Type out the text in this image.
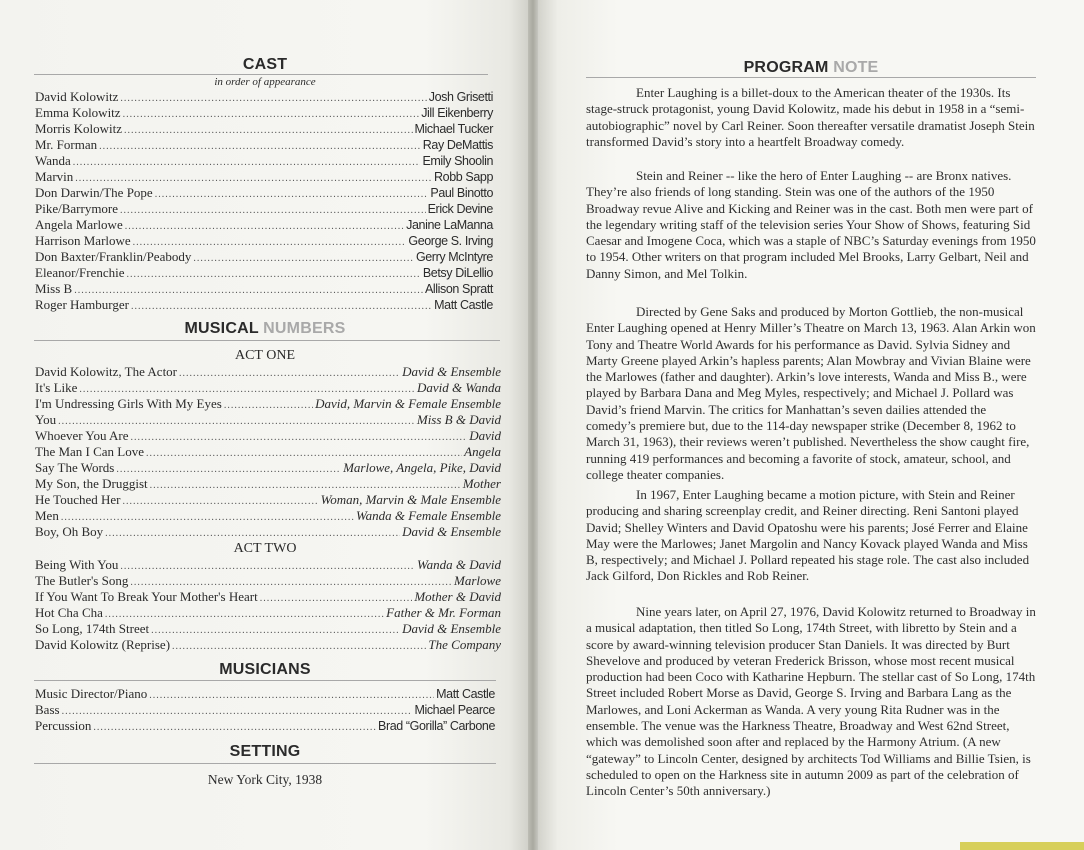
CAST
in order of appearance
David Kolowitz .....	Josh Grisetti
Emma Kolowitz .....	Jill Eikenberry
Morris Kolowitz .....	Michael Tucker
Mr. Forman .....	Ray DeMattis
Wanda .....	Emily Shoolin
Marvin .....	Robb Sapp
Don Darwin/The Pope .....	Paul Binotto
Pike/Barrymore .....	Erick Devine
Angela Marlowe .....	Janine LaManna
Harrison Marlowe .....	George S. Irving
Don Baxter/Franklin/Peabody .....	Gerry McIntyre
Eleanor/Frenchie .....	Betsy DiLellio
Miss B .....	Allison Spratt
Roger Hamburger .....	Matt Castle
MUSICAL NUMBERS
ACT ONE
David Kolowitz, The Actor .....	David & Ensemble
It's Like .....	David & Wanda
I'm Undressing Girls With My Eyes .....	David, Marvin & Female Ensemble
You .....	Miss B & David
Whoever You Are .....	David
The Man I Can Love .....	Angela
Say The Words .....	Marlowe, Angela, Pike, David
My Son, the Druggist .....	Mother
He Touched Her .....	Woman, Marvin & Male Ensemble
Men .....	Wanda & Female Ensemble
Boy, Oh Boy .....	David & Ensemble
ACT TWO
Being With You .....	Wanda & David
The Butler's Song .....	Marlowe
If You Want To Break Your Mother's Heart .....	Mother & David
Hot Cha Cha .....	Father & Mr. Forman
So Long, 174th Street .....	David & Ensemble
David Kolowitz (Reprise) .....	The Company
MUSICIANS
Music Director/Piano .....	Matt Castle
Bass .....	Michael Pearce
Percussion .....	Brad “Gorilla” Carbone
SETTING
New York City, 1938
PROGRAM NOTE

Enter Laughing is a billet-doux to the American theater of the 1930s. Its stage-struck protagonist, young David Kolowitz, made his debut in 1958 in a “semi-autobiographic” novel by Carl Reiner. Soon thereafter versatile dramatist Joseph Stein transformed David’s story into a heartfelt Broadway comedy.

Stein and Reiner -- like the hero of Enter Laughing -- are Bronx natives. They’re also friends of long standing. Stein was one of the authors of the 1950 Broadway revue Alive and Kicking and Reiner was in the cast. Both men were part of the legendary writing staff of the television series Your Show of Shows, featuring Sid Caesar and Imogene Coca, which was a staple of NBC’s Saturday evenings from 1950 to 1954. Other writers on that program included Mel Brooks, Larry Gelbart, Neil and Danny Simon, and Mel Tolkin.

Directed by Gene Saks and produced by Morton Gottlieb, the non-musical Enter Laughing opened at Henry Miller’s Theatre on March 13, 1963. Alan Arkin won Tony and Theatre World Awards for his performance as David. Sylvia Sidney and Marty Greene played Arkin’s hapless parents; Alan Mowbray and Vivian Blaine were the Marlowes (father and daughter). Arkin’s love interests, Wanda and Miss B., were played by Barbara Dana and Meg Myles, respectively; and Michael J. Pollard was David’s friend Marvin. The critics for Manhattan’s seven dailies attended the comedy’s premiere but, due to the 114-day newspaper strike (December 8, 1962 to March 31, 1963), their reviews weren’t published. Nevertheless the show caught fire, running 419 performances and becoming a favorite of stock, amateur, school, and college theater companies.

In 1967, Enter Laughing became a motion picture, with Stein and Reiner producing and sharing screenplay credit, and Reiner directing. Reni Santoni played David; Shelley Winters and David Opatoshu were his parents; José Ferrer and Elaine May were the Marlowes; Janet Margolin and Nancy Kovack played Wanda and Miss B, respectively; and Michael J. Pollard repeated his stage role. The cast also included Jack Gilford, Don Rickles and Rob Reiner.

Nine years later, on April 27, 1976, David Kolowitz returned to Broadway in a musical adaptation, then titled So Long, 174th Street, with libretto by Stein and a score by award-winning television producer Stan Daniels. It was directed by Burt Shevelove and produced by veteran Frederick Brisson, whose most recent musical production had been Coco with Katharine Hepburn. The stellar cast of So Long, 174th Street included Robert Morse as David, George S. Irving and Barbara Lang as the Marlowes, and Loni Ackerman as Wanda. A very young Rita Rudner was in the ensemble. The venue was the Harkness Theatre, Broadway and West 62nd Street, which was demolished soon after and replaced by the Harmony Atrium. (A new “gateway” to Lincoln Center, designed by architects Tod Williams and Billie Tsien, is scheduled to open on the Harkness site in autumn 2009 as part of the celebration of Lincoln Center’s 50th anniversary.)
